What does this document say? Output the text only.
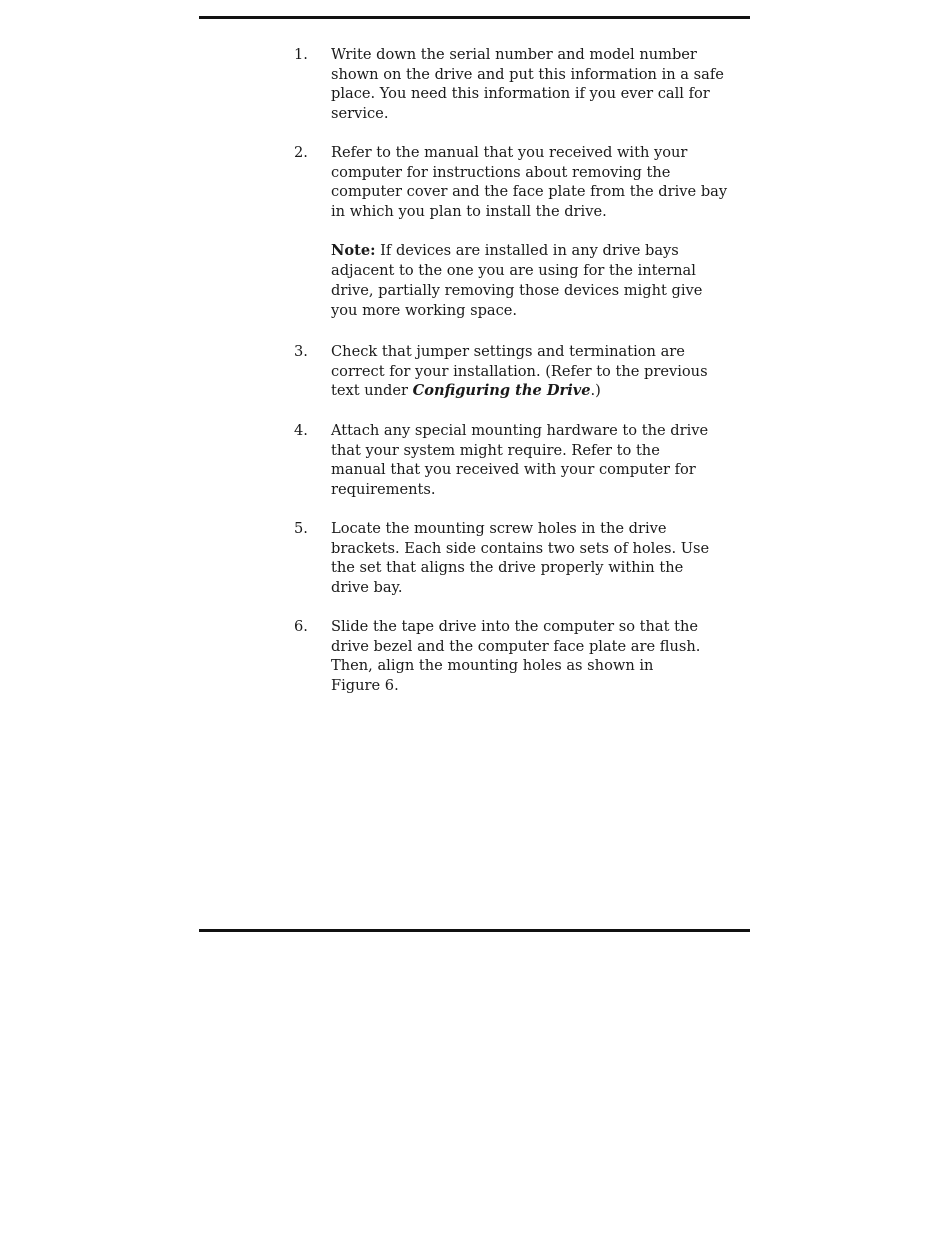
1.	Write down the serial number and model number
shown on the drive and put this information in a safe
place. You need this information if you ever call for
service.
2.	Refer to the manual that you received with your
computer for instructions about removing the
computer cover and the face plate from the drive bay
in which you plan to install the drive.
Note: If devices are installed in any drive bays
adjacent to the one you are using for the internal
drive, partially removing those devices might give
you more working space.
3.	Check that jumper settings and termination are
correct for your installation. (Refer to the previous
text under Configuring the Drive.)
4.	Attach any special mounting hardware to the drive
that your system might require. Refer to the
manual that you received with your computer for
requirements.
5.	Locate the mounting screw holes in the drive
brackets. Each side contains two sets of holes. Use
the set that aligns the drive properly within the
drive bay.
6.	Slide the tape drive into the computer so that the
drive bezel and the computer face plate are flush.
Then, align the mounting holes as shown in
Figure 6.
